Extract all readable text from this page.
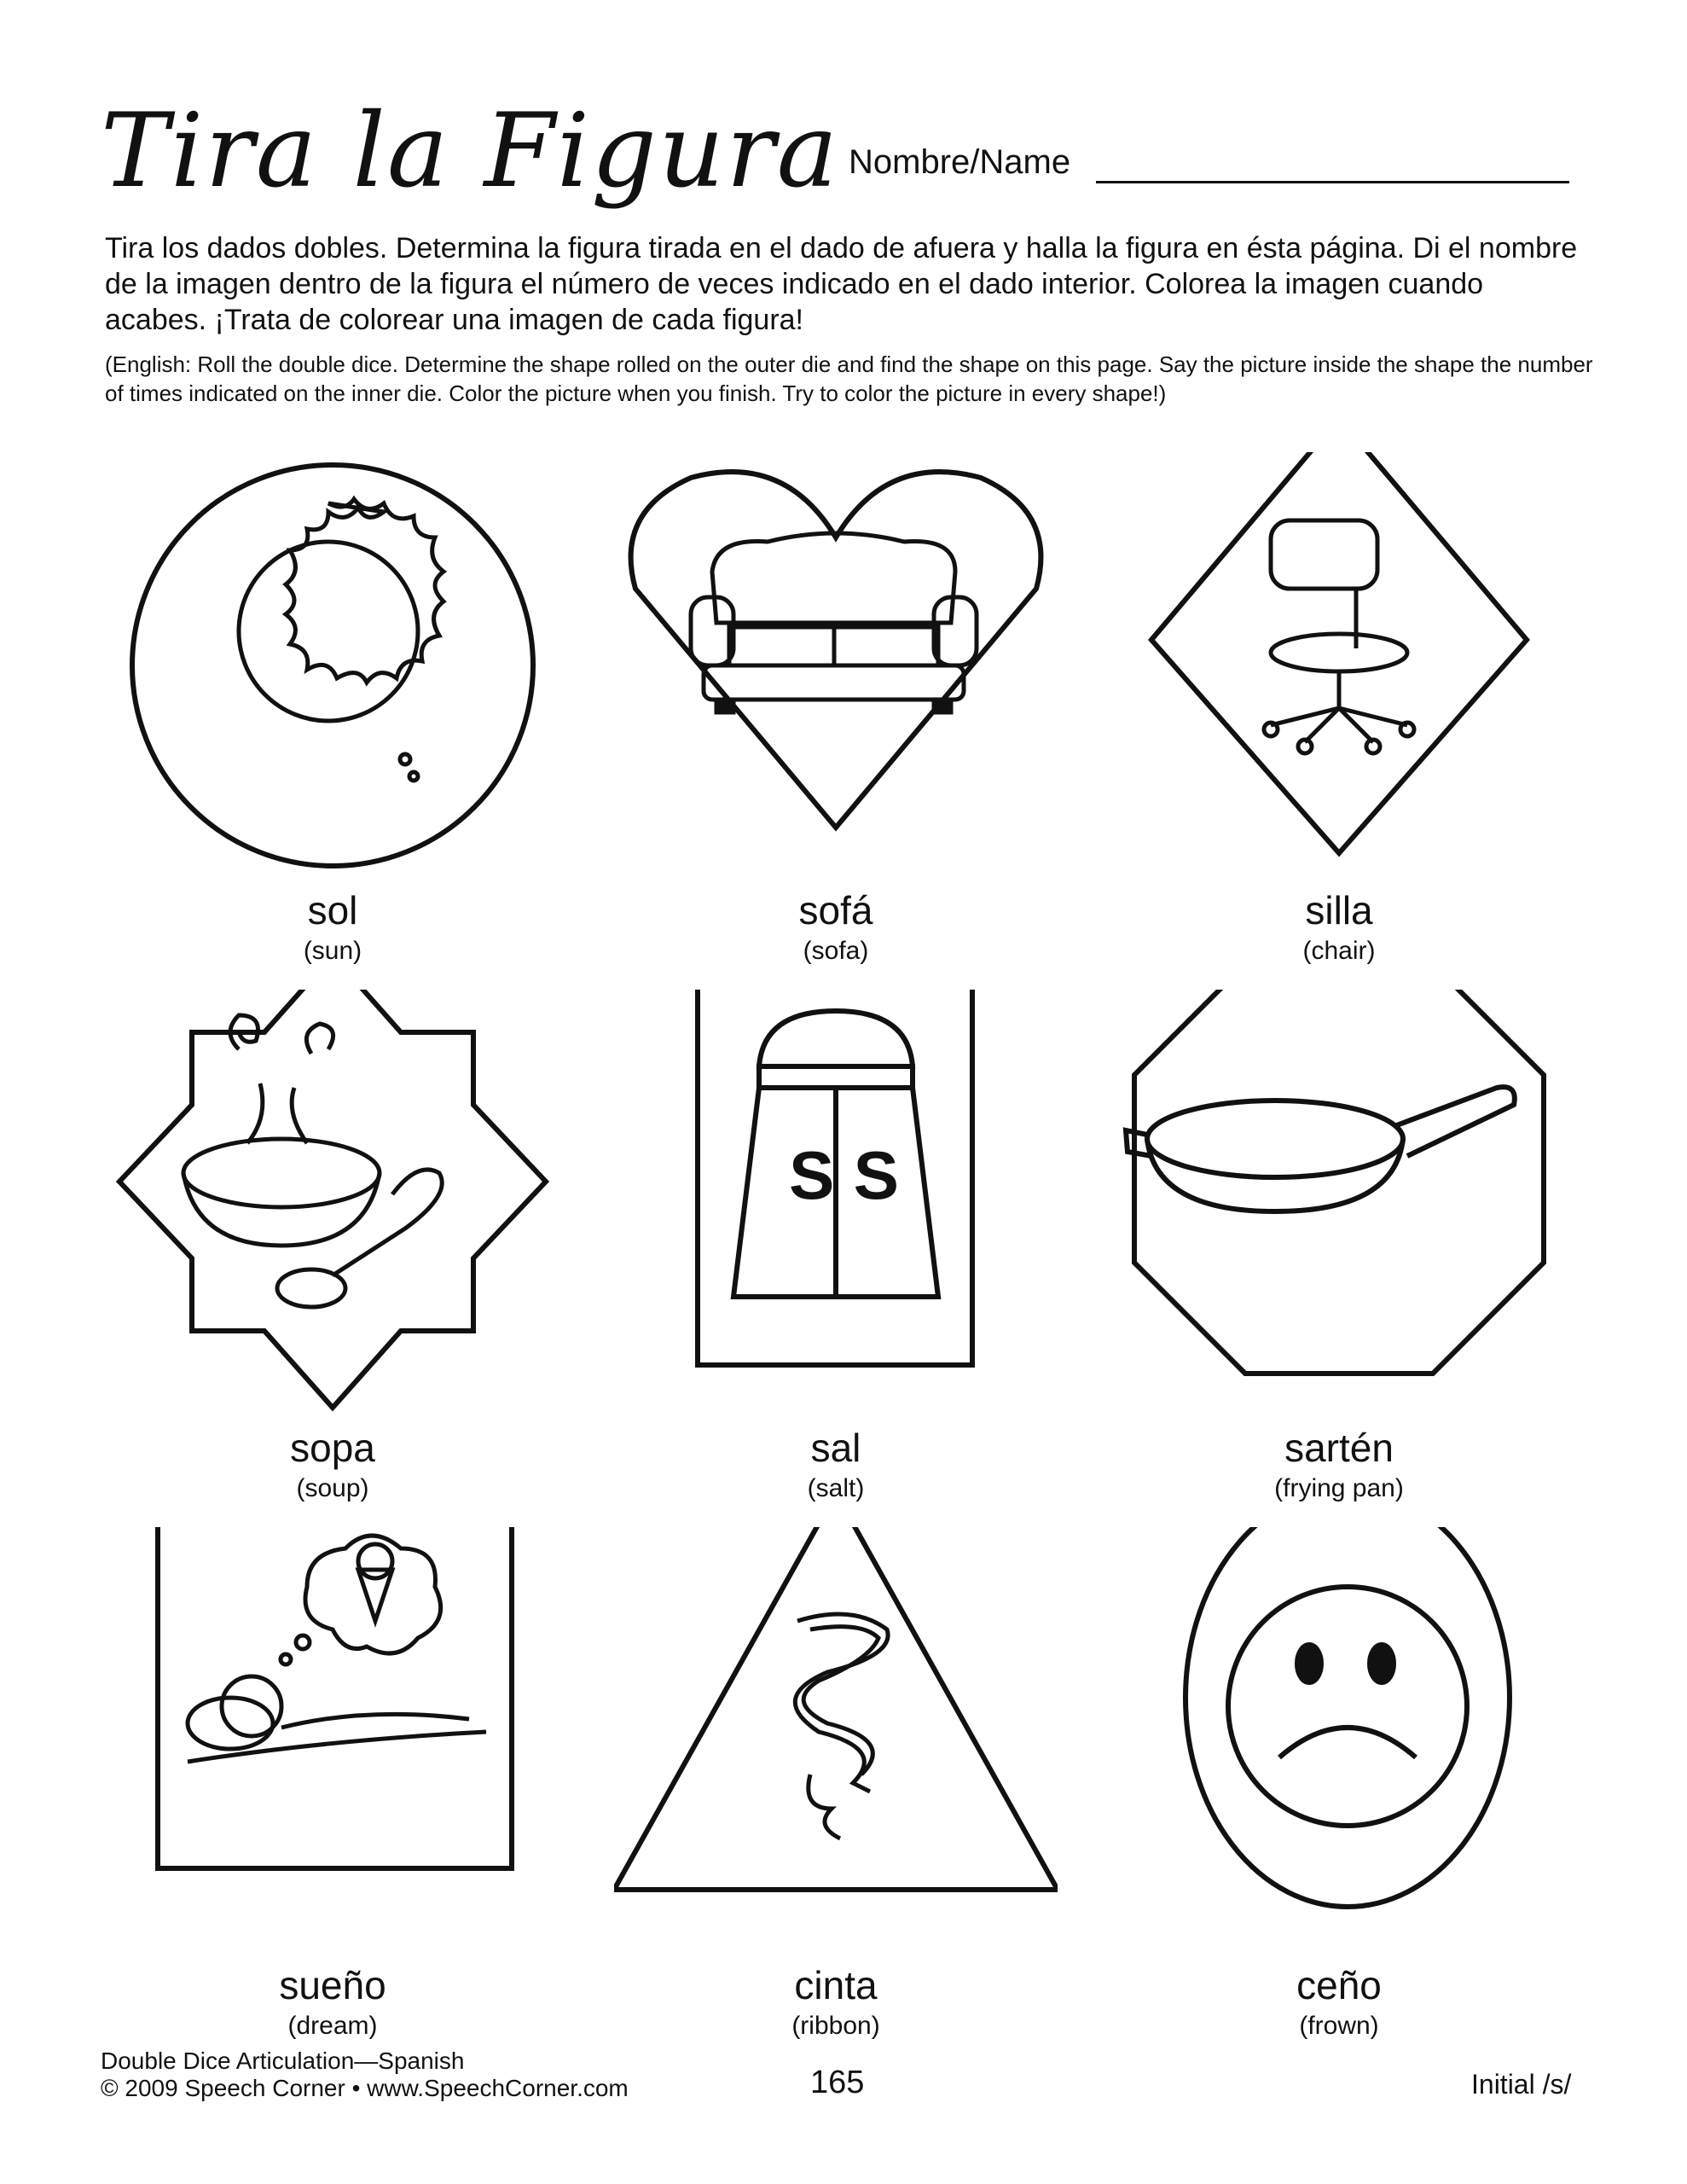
Tira la Figura Nombre/Name

Tira los dados dobles. Determina la figura tirada en el dado de afuera y halla la figura en ésta página. Di el nombre de la imagen dentro de la figura el número de veces indicado en el dado interior. Colorea la imagen cuando acabes. ¡Trata de colorear una imagen de cada figura!

(English: Roll the double dice. Determine the shape rolled on the outer die and find the shape on this page. Say the picture inside the shape the number of times indicated on the inner die. Color the picture when you finish. Try to color the picture in every shape!)

sol
(sun)
sofá
(sofa)
silla
(chair)
sopa
(soup)
S S
sal
(salt)
sartén
(frying pan)
sueño
(dream)
cinta
(ribbon)
ceño
(frown)
Double Dice Articulation—Spanish
© 2009 Speech Corner • www.SpeechCorner.com	165	Initial /s/
